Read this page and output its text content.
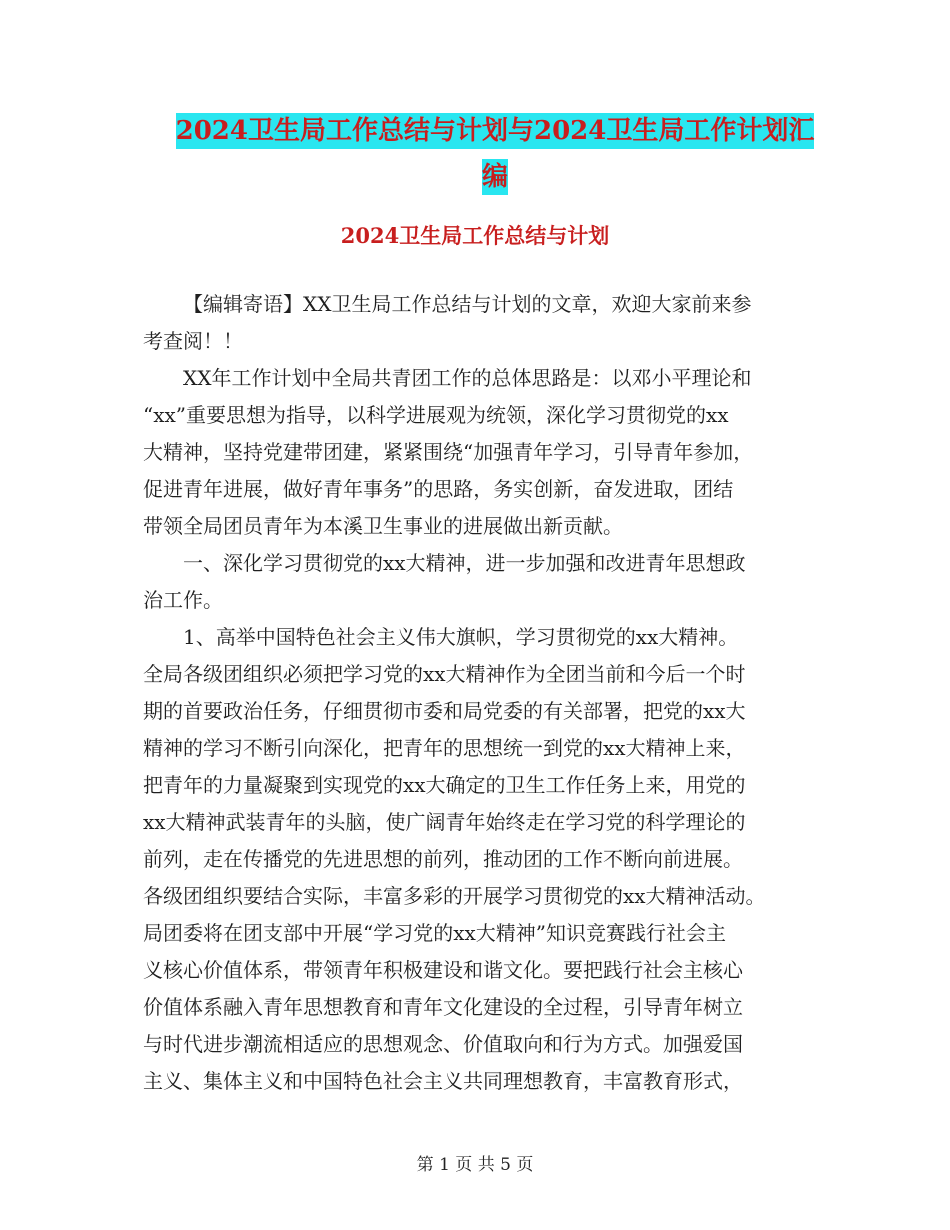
2024卫生局工作总结与计划与2024卫生局工作计划汇
编
2024卫生局工作总结与计划

【编辑寄语】XX卫生局工作总结与计划的文章，欢迎大家前来参

考查阅！！

XX年工作计划中全局共青团工作的总体思路是：以邓小平理论和

“xx”重要思想为指导，以科学进展观为统领，深化学习贯彻党的xx

大精神，坚持党建带团建，紧紧围绕“加强青年学习，引导青年参加，

促进青年进展，做好青年事务”的思路，务实创新，奋发进取，团结

带领全局团员青年为本溪卫生事业的进展做出新贡献。

一、深化学习贯彻党的xx大精神，进一步加强和改进青年思想政

治工作。

1、高举中国特色社会主义伟大旗帜，学习贯彻党的xx大精神。

全局各级团组织必须把学习党的xx大精神作为全团当前和今后一个时

期的首要政治任务，仔细贯彻市委和局党委的有关部署，把党的xx大

精神的学习不断引向深化，把青年的思想统一到党的xx大精神上来，

把青年的力量凝聚到实现党的xx大确定的卫生工作任务上来，用党的

xx大精神武装青年的头脑，使广阔青年始终走在学习党的科学理论的

前列，走在传播党的先进思想的前列，推动团的工作不断向前进展。

各级团组织要结合实际，丰富多彩的开展学习贯彻党的xx大精神活动。

局团委将在团支部中开展“学习党的xx大精神”知识竞赛践行社会主

义核心价值体系，带领青年积极建设和谐文化。要把践行社会主核心

价值体系融入青年思想教育和青年文化建设的全过程，引导青年树立

与时代进步潮流相适应的思想观念、价值取向和行为方式。加强爱国

主义、集体主义和中国特色社会主义共同理想教育，丰富教育形式，

第 1 页 共 5 页
